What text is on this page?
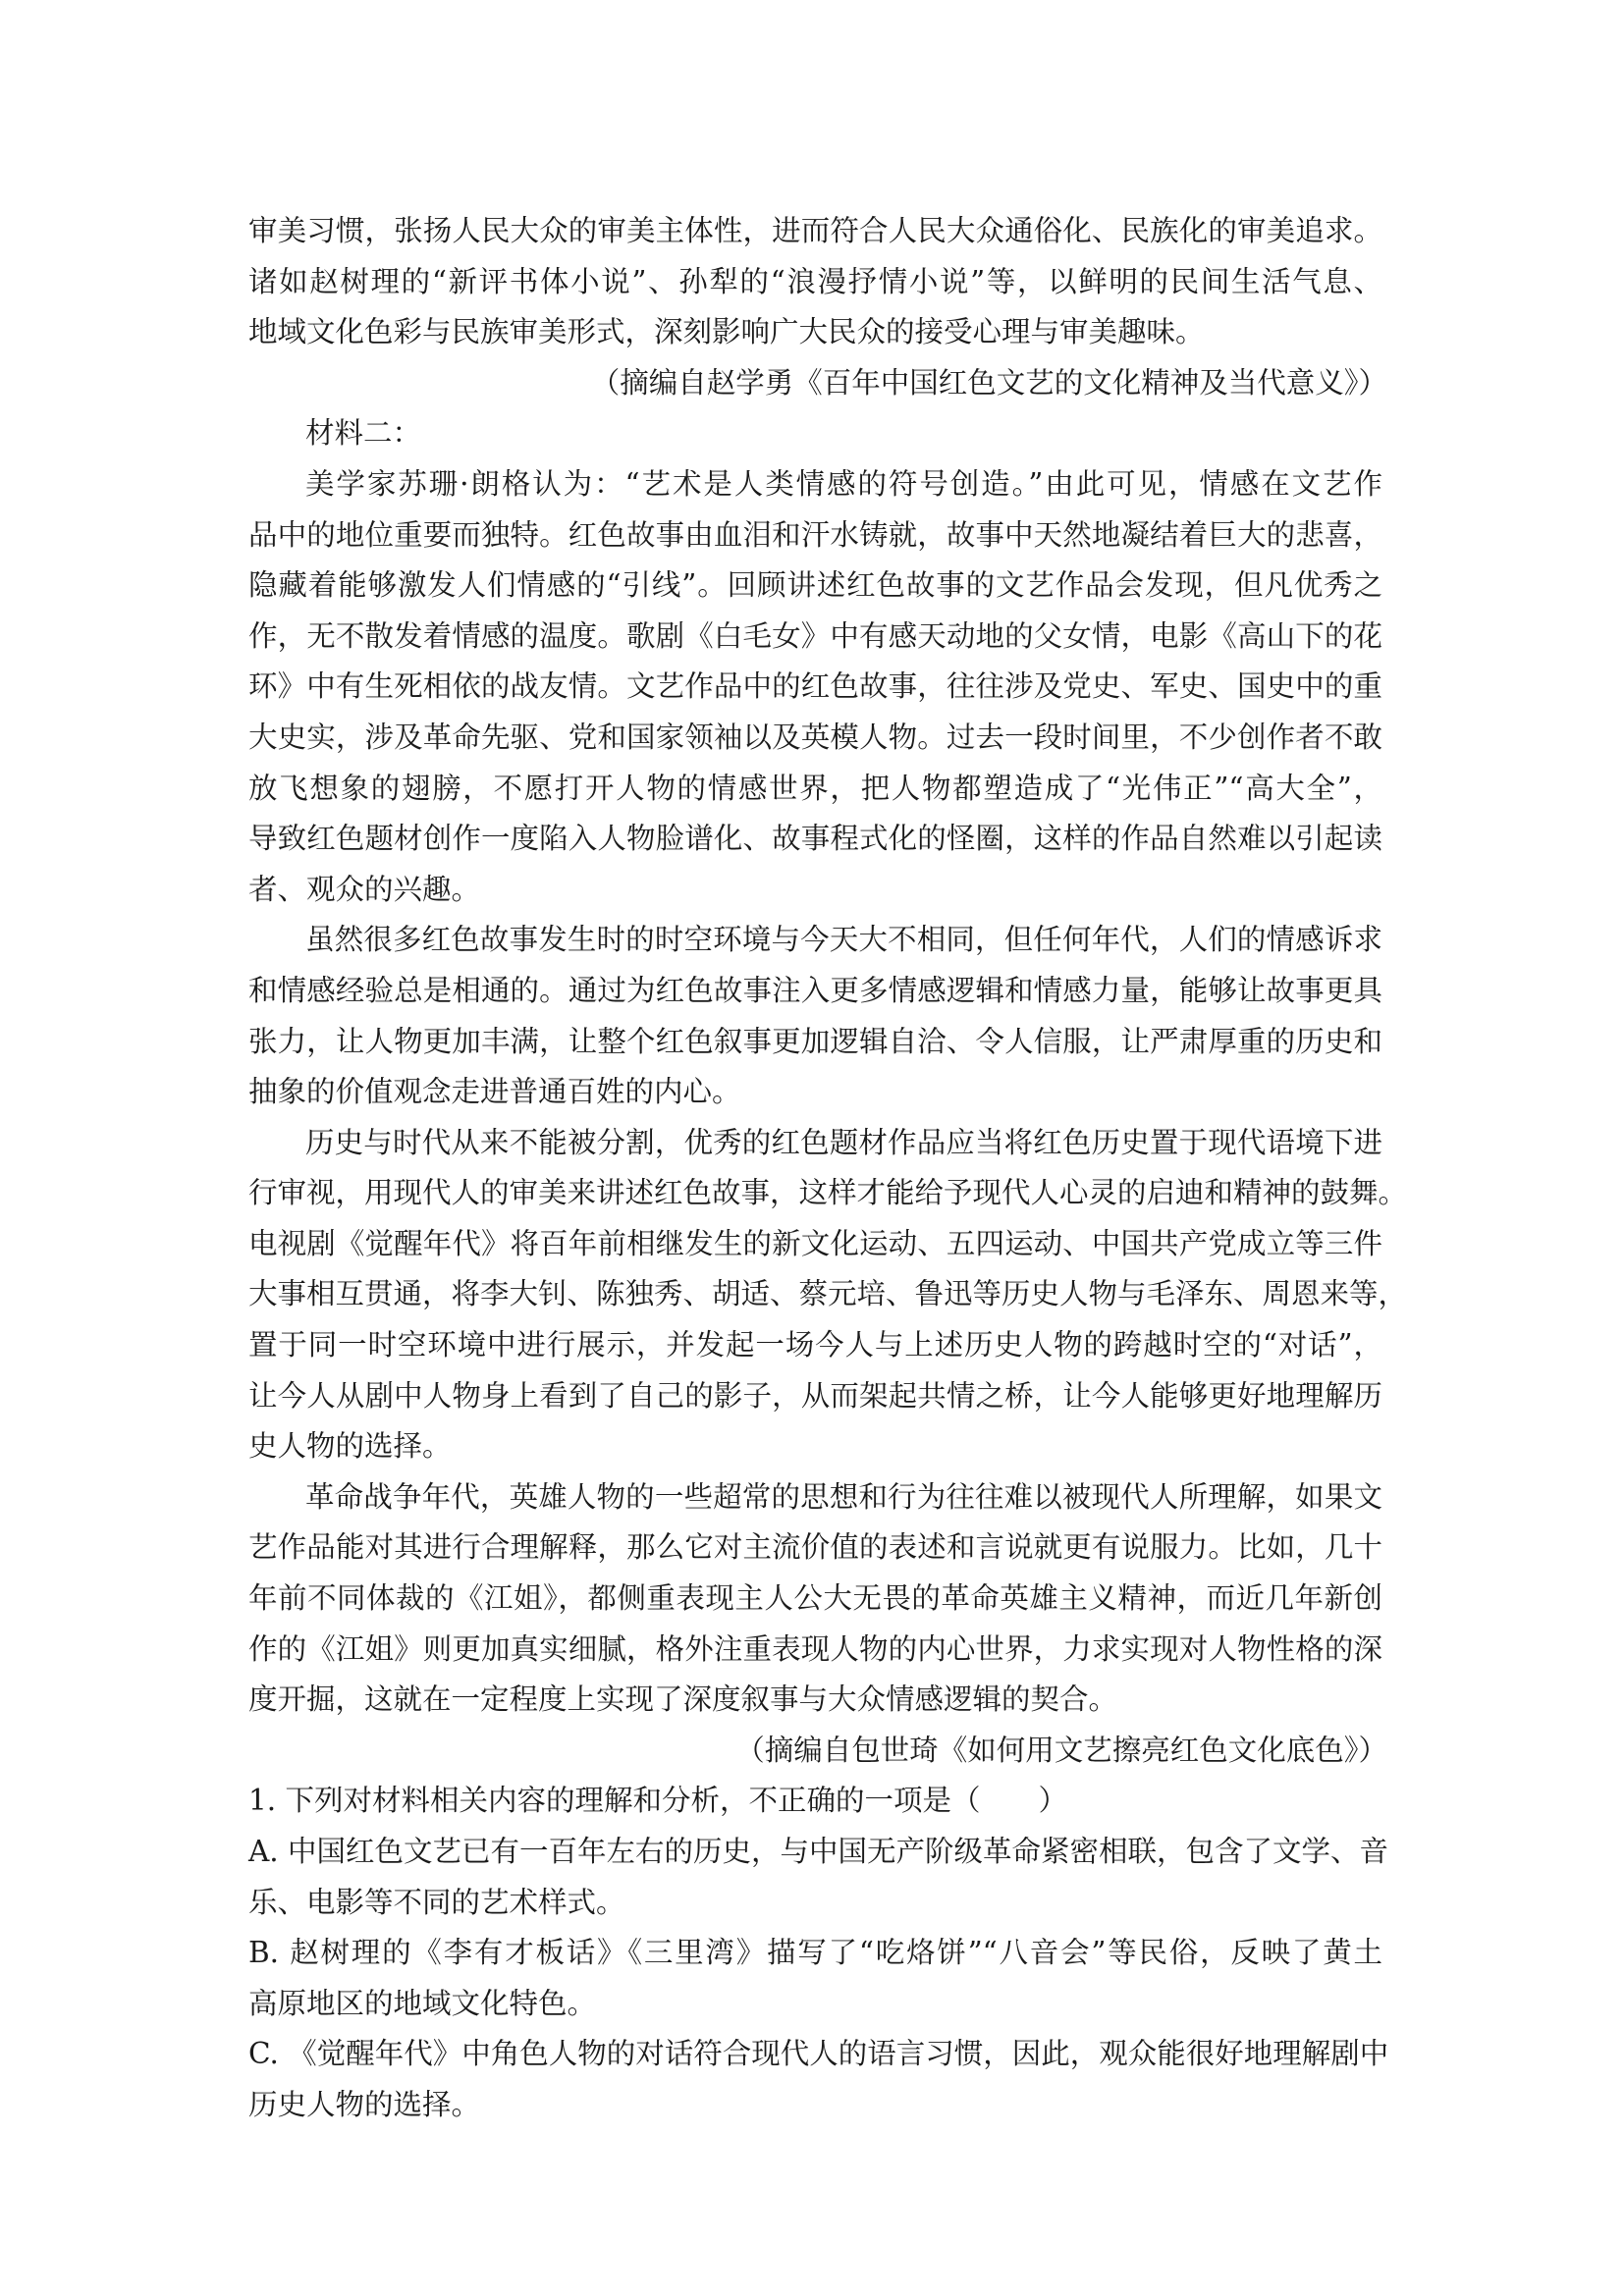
审美习惯，张扬人民大众的审美主体性，进而符合人民大众通俗化、民族化的审美追求。
诸如赵树理的“新评书体小说”、孙犁的“浪漫抒情小说”等，以鲜明的民间生活气息、
地域文化色彩与民族审美形式，深刻影响广大民众的接受心理与审美趣味。
（摘编自赵学勇《百年中国红色文艺的文化精神及当代意义》）
材料二：
美学家苏珊·朗格认为：“艺术是人类情感的符号创造。”由此可见，情感在文艺作
品中的地位重要而独特。红色故事由血泪和汗水铸就，故事中天然地凝结着巨大的悲喜，
隐藏着能够激发人们情感的“引线”。回顾讲述红色故事的文艺作品会发现，但凡优秀之
作，无不散发着情感的温度。歌剧《白毛女》中有感天动地的父女情，电影《高山下的花
环》中有生死相依的战友情。文艺作品中的红色故事，往往涉及党史、军史、国史中的重
大史实，涉及革命先驱、党和国家领袖以及英模人物。过去一段时间里，不少创作者不敢
放飞想象的翅膀，不愿打开人物的情感世界，把人物都塑造成了“光伟正”“高大全”，
导致红色题材创作一度陷入人物脸谱化、故事程式化的怪圈，这样的作品自然难以引起读
者、观众的兴趣。
虽然很多红色故事发生时的时空环境与今天大不相同，但任何年代，人们的情感诉求
和情感经验总是相通的。通过为红色故事注入更多情感逻辑和情感力量，能够让故事更具
张力，让人物更加丰满，让整个红色叙事更加逻辑自洽、令人信服，让严肃厚重的历史和
抽象的价值观念走进普通百姓的内心。
历史与时代从来不能被分割，优秀的红色题材作品应当将红色历史置于现代语境下进
行审视，用现代人的审美来讲述红色故事，这样才能给予现代人心灵的启迪和精神的鼓舞。
电视剧《觉醒年代》将百年前相继发生的新文化运动、五四运动、中国共产党成立等三件
大事相互贯通，将李大钊、陈独秀、胡适、蔡元培、鲁迅等历史人物与毛泽东、周恩来等，
置于同一时空环境中进行展示，并发起一场今人与上述历史人物的跨越时空的“对话”，
让今人从剧中人物身上看到了自己的影子，从而架起共情之桥，让今人能够更好地理解历
史人物的选择。
革命战争年代，英雄人物的一些超常的思想和行为往往难以被现代人所理解，如果文
艺作品能对其进行合理解释，那么它对主流价值的表述和言说就更有说服力。比如，几十
年前不同体裁的《江姐》，都侧重表现主人公大无畏的革命英雄主义精神，而近几年新创
作的《江姐》则更加真实细腻，格外注重表现人物的内心世界，力求实现对人物性格的深
度开掘，这就在一定程度上实现了深度叙事与大众情感逻辑的契合。
（摘编自包世琦《如何用文艺擦亮红色文化底色》）
1. 下列对材料相关内容的理解和分析，不正确的一项是（　　）
A. 中国红色文艺已有一百年左右的历史，与中国无产阶级革命紧密相联，包含了文学、音
乐、电影等不同的艺术样式。
B. 赵树理的《李有才板话》《三里湾》描写了“吃烙饼”“八音会”等民俗，反映了黄土
高原地区的地域文化特色。
C. 《觉醒年代》中角色人物的对话符合现代人的语言习惯，因此，观众能很好地理解剧中
历史人物的选择。
